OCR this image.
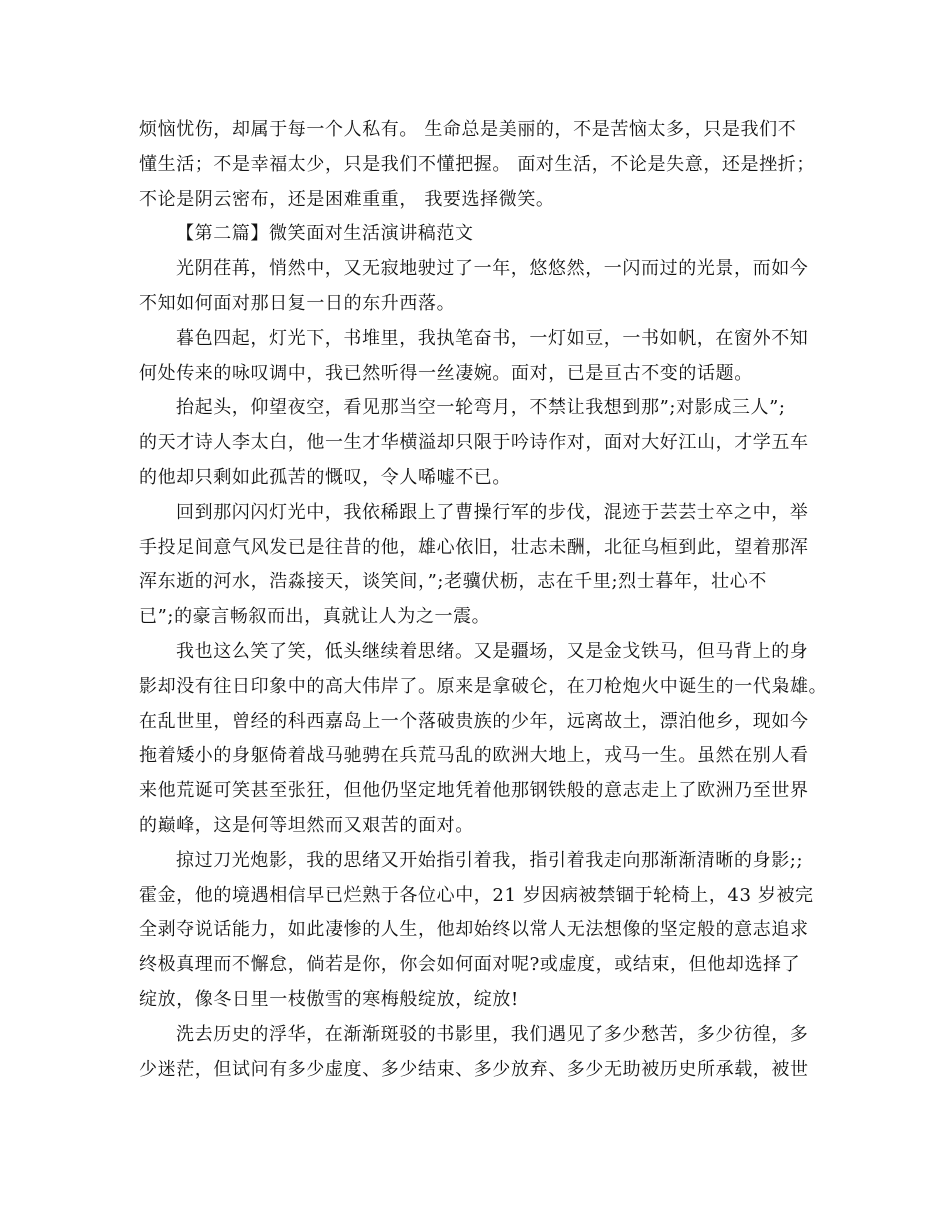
烦恼忧伤，却属于每一个人私有。 生命总是美丽的，不是苦恼太多，只是我们不
懂生活；不是幸福太少，只是我们不懂把握。 面对生活，不论是失意，还是挫折；
不论是阴云密布，还是困难重重， 我要选择微笑。

【第二篇】微笑面对生活演讲稿范文

光阴荏苒，悄然中，又无寂地驶过了一年，悠悠然，一闪而过的光景，而如今
不知如何面对那日复一日的东升西落。

暮色四起，灯光下，书堆里，我执笔奋书，一灯如豆，一书如帆，在窗外不知
何处传来的咏叹调中，我已然听得一丝凄婉。面对，已是亘古不变的话题。

抬起头，仰望夜空，看见那当空一轮弯月，不禁让我想到那”;对影成三人”;
的天才诗人李太白，他一生才华横溢却只限于吟诗作对，面对大好江山，才学五车
的他却只剩如此孤苦的慨叹，令人唏嘘不已。

回到那闪闪灯光中，我依稀跟上了曹操行军的步伐，混迹于芸芸士卒之中，举
手投足间意气风发已是往昔的他，雄心依旧，壮志未酬，北征乌桓到此，望着那浑
浑东逝的河水，浩淼接天，谈笑间，”;老骥伏枥，志在千里;烈士暮年，壮心不
已”;的豪言畅叙而出，真就让人为之一震。

我也这么笑了笑，低头继续着思绪。又是疆场，又是金戈铁马，但马背上的身
影却没有往日印象中的高大伟岸了。原来是拿破仑，在刀枪炮火中诞生的一代枭雄。
在乱世里，曾经的科西嘉岛上一个落破贵族的少年，远离故土，漂泊他乡，现如今
拖着矮小的身躯倚着战马驰骋在兵荒马乱的欧洲大地上，戎马一生。虽然在别人看
来他荒诞可笑甚至张狂，但他仍坚定地凭着他那钢铁般的意志走上了欧洲乃至世界
的巅峰，这是何等坦然而又艰苦的面对。

掠过刀光炮影，我的思绪又开始指引着我，指引着我走向那渐渐清晰的身影;;
霍金，他的境遇相信早已烂熟于各位心中，21 岁因病被禁锢于轮椅上，43 岁被完
全剥夺说话能力，如此凄惨的人生，他却始终以常人无法想像的坚定般的意志追求
终极真理而不懈怠，倘若是你，你会如何面对呢?或虚度，或结束，但他却选择了
绽放，像冬日里一枝傲雪的寒梅般绽放，绽放!

洗去历史的浮华，在渐渐斑驳的书影里，我们遇见了多少愁苦，多少彷徨，多
少迷茫，但试问有多少虚度、多少结束、多少放弃、多少无助被历史所承载，被世
